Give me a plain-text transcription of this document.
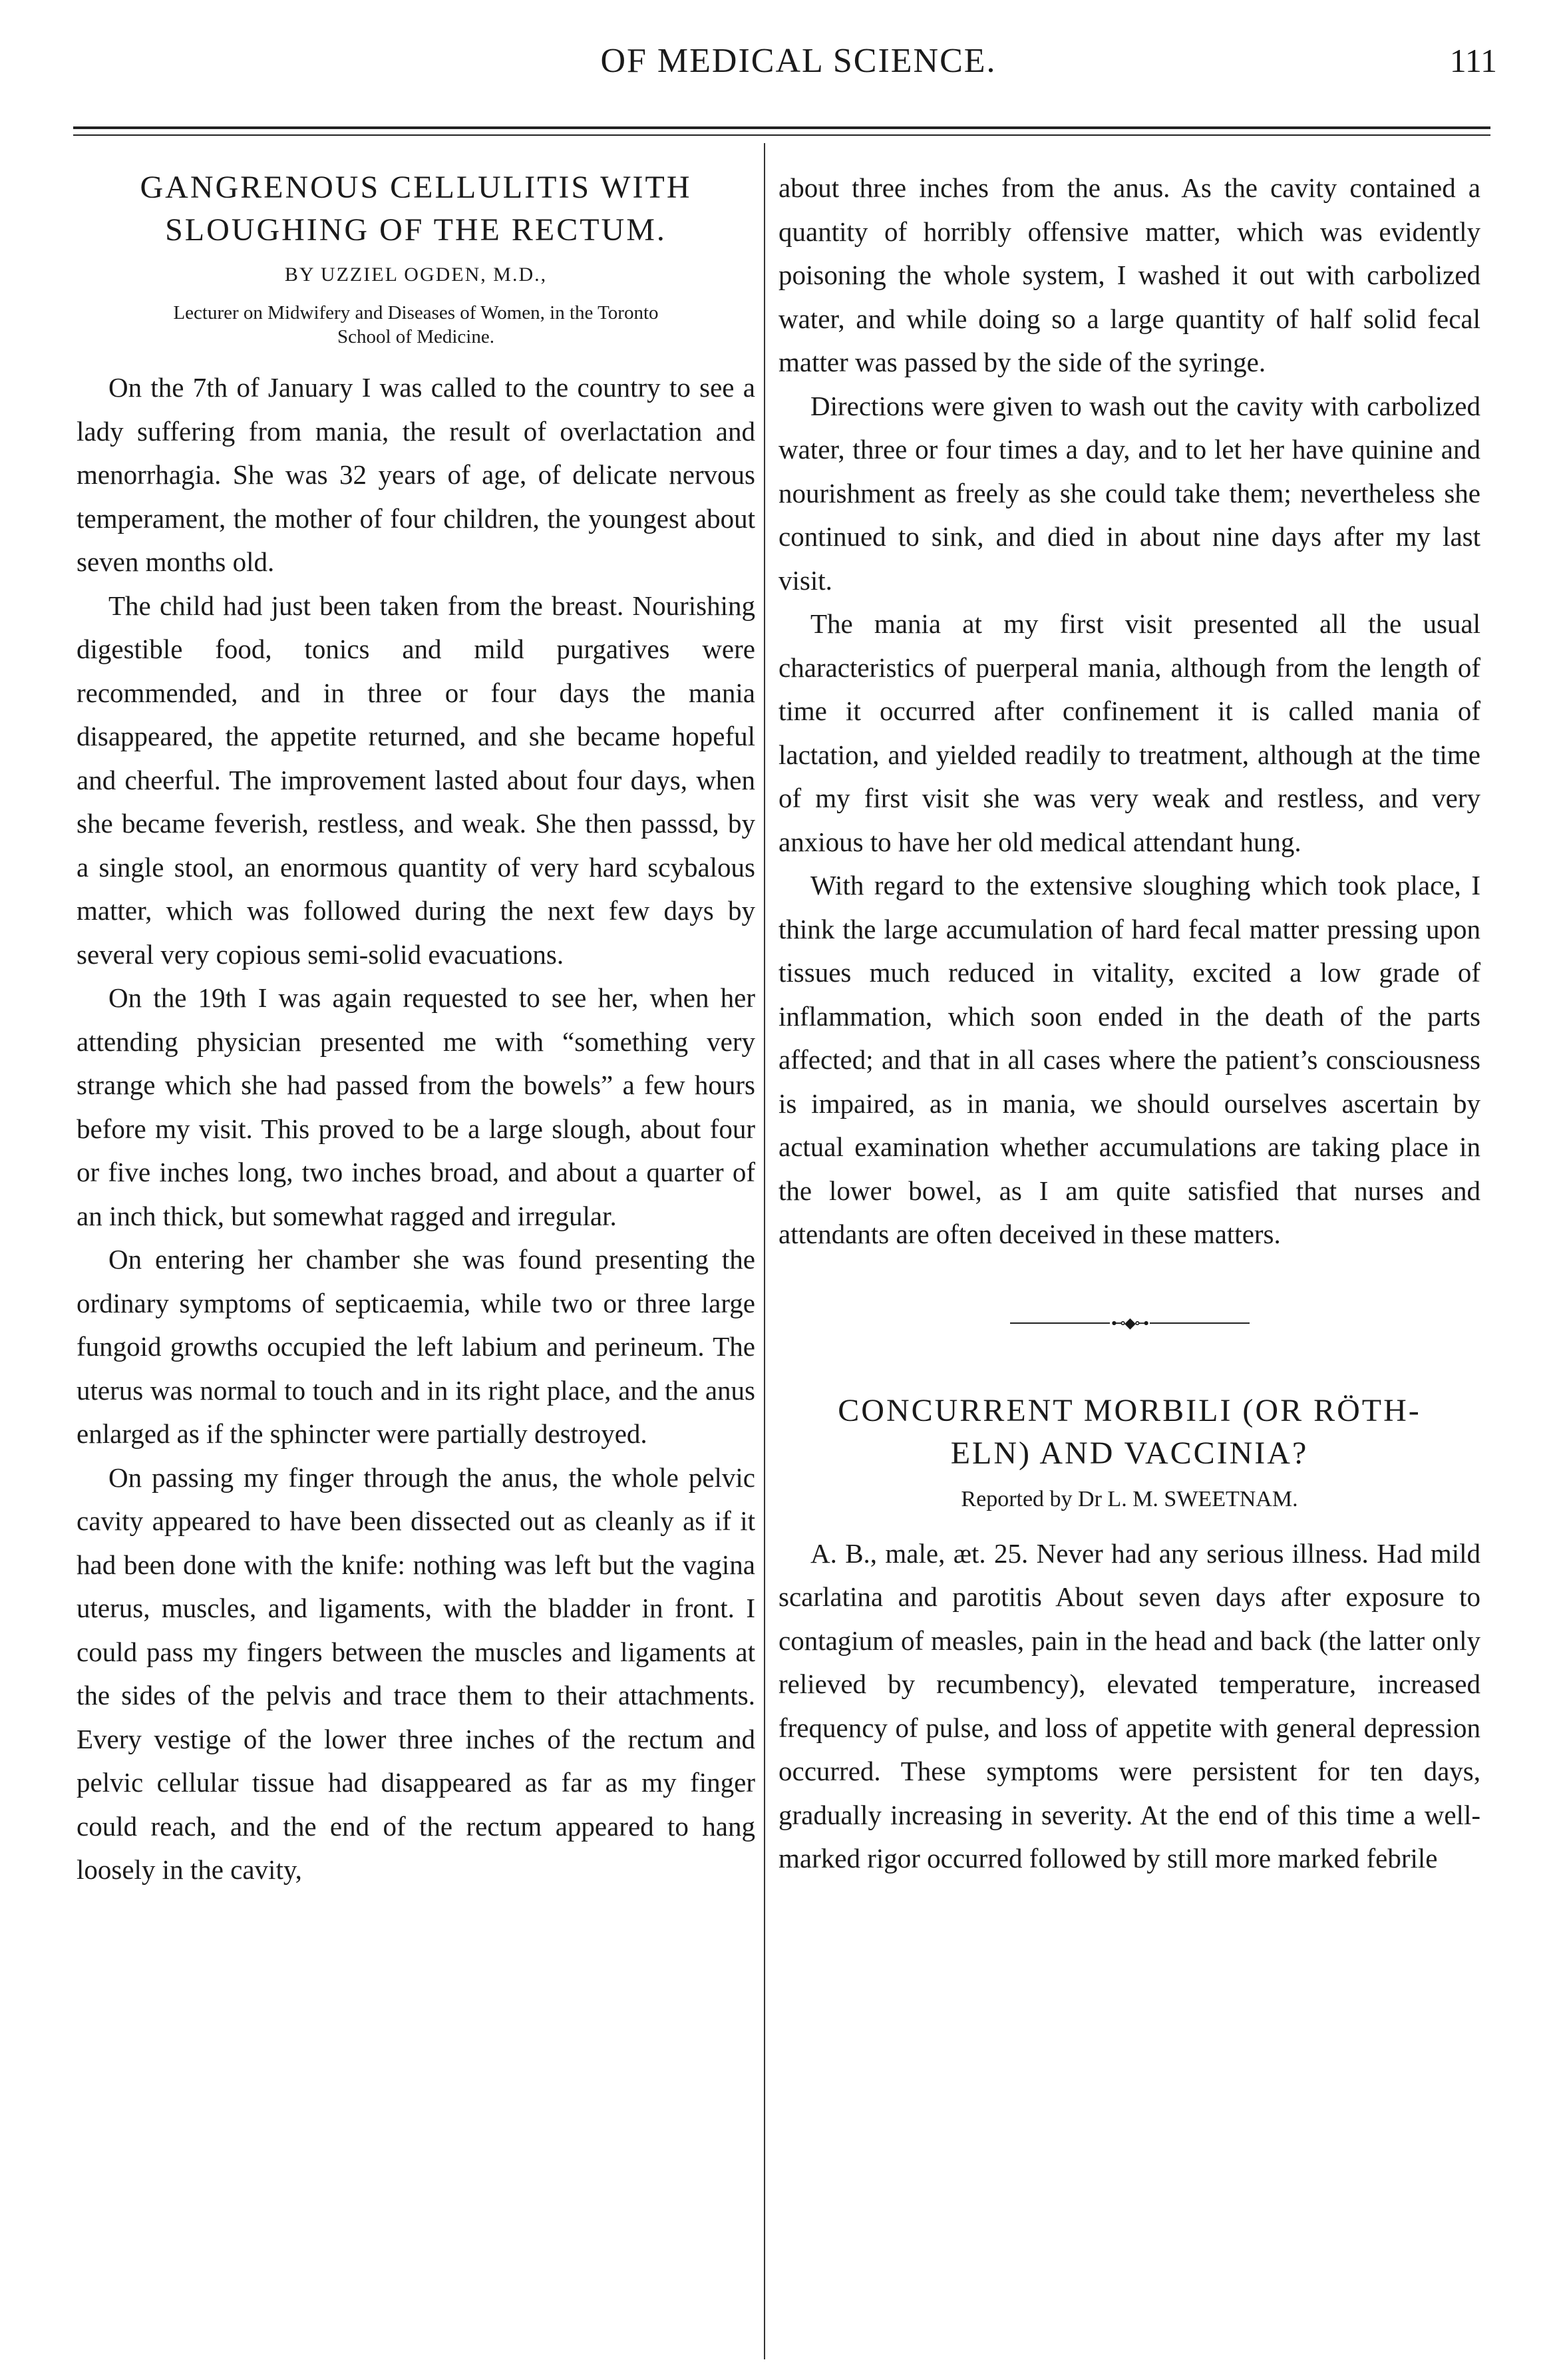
OF MEDICAL SCIENCE.	111
GANGRENOUS CELLULITIS WITH
SLOUGHING OF THE RECTUM.
BY UZZIEL OGDEN, M.D.,
Lecturer on Midwifery and Diseases of Women, in the Toronto
School of Medicine.

On the 7th of January I was called to the country to see a lady suffering from mania, the result of overlactation and menorrhagia. She was 32 years of age, of delicate nervous temperament, the mother of four children, the youngest about seven months old.

The child had just been taken from the breast. Nourishing digestible food, tonics and mild purgatives were recommended, and in three or four days the mania disappeared, the appetite returned, and she became hopeful and cheerful. The improvement lasted about four days, when she became feverish, restless, and weak. She then passsd, by a single stool, an enormous quantity of very hard scybalous matter, which was followed during the next few days by several very copious semi-solid evacuations.

On the 19th I was again requested to see her, when her attending physician presented me with “something very strange which she had passed from the bowels” a few hours before my visit. This proved to be a large slough, about four or five inches long, two inches broad, and about a quarter of an inch thick, but somewhat ragged and irregular.

On entering her chamber she was found presenting the ordinary symptoms of septicaemia, while two or three large fungoid growths occupied the left labium and perineum. The uterus was normal to touch and in its right place, and the anus enlarged as if the sphincter were partially destroyed.

On passing my finger through the anus, the whole pelvic cavity appeared to have been dissected out as cleanly as if it had been done with the knife: nothing was left but the vagina uterus, muscles, and ligaments, with the bladder in front. I could pass my fingers between the muscles and ligaments at the sides of the pelvis and trace them to their attachments. Every vestige of the lower three inches of the rectum and pelvic cellular tissue had disappeared as far as my finger could reach, and the end of the rectum appeared to hang loosely in the cavity,

about three inches from the anus. As the cavity contained a quantity of horribly offensive matter, which was evidently poisoning the whole system, I washed it out with carbolized water, and while doing so a large quantity of half solid fecal matter was passed by the side of the syringe.

Directions were given to wash out the cavity with carbolized water, three or four times a day, and to let her have quinine and nourishment as freely as she could take them; nevertheless she continued to sink, and died in about nine days after my last visit.

The mania at my first visit presented all the usual characteristics of puerperal mania, although from the length of time it occurred after confinement it is called mania of lactation, and yielded readily to treatment, although at the time of my first visit she was very weak and restless, and very anxious to have her old medical attendant hung.

With regard to the extensive sloughing which took place, I think the large accumulation of hard fecal matter pressing upon tissues much reduced in vitality, excited a low grade of inflammation, which soon ended in the death of the parts affected; and that in all cases where the patient’s consciousness is impaired, as in mania, we should ourselves ascertain by actual examination whether accumulations are taking place in the lower bowel, as I am quite satisfied that nurses and attendants are often deceived in these matters.

⊷◆⊶
CONCURRENT MORBILI (OR RÖTH-
ELN) AND VACCINIA?
Reported by Dr L. M. SWEETNAM.

A. B., male, æt. 25. Never had any serious illness. Had mild scarlatina and parotitis About seven days after exposure to contagium of measles, pain in the head and back (the latter only relieved by recumbency), elevated temperature, increased frequency of pulse, and loss of appetite with general depression occurred. These symptoms were persistent for ten days, gradually increasing in severity. At the end of this time a well-marked rigor occurred followed by still more marked febrile
